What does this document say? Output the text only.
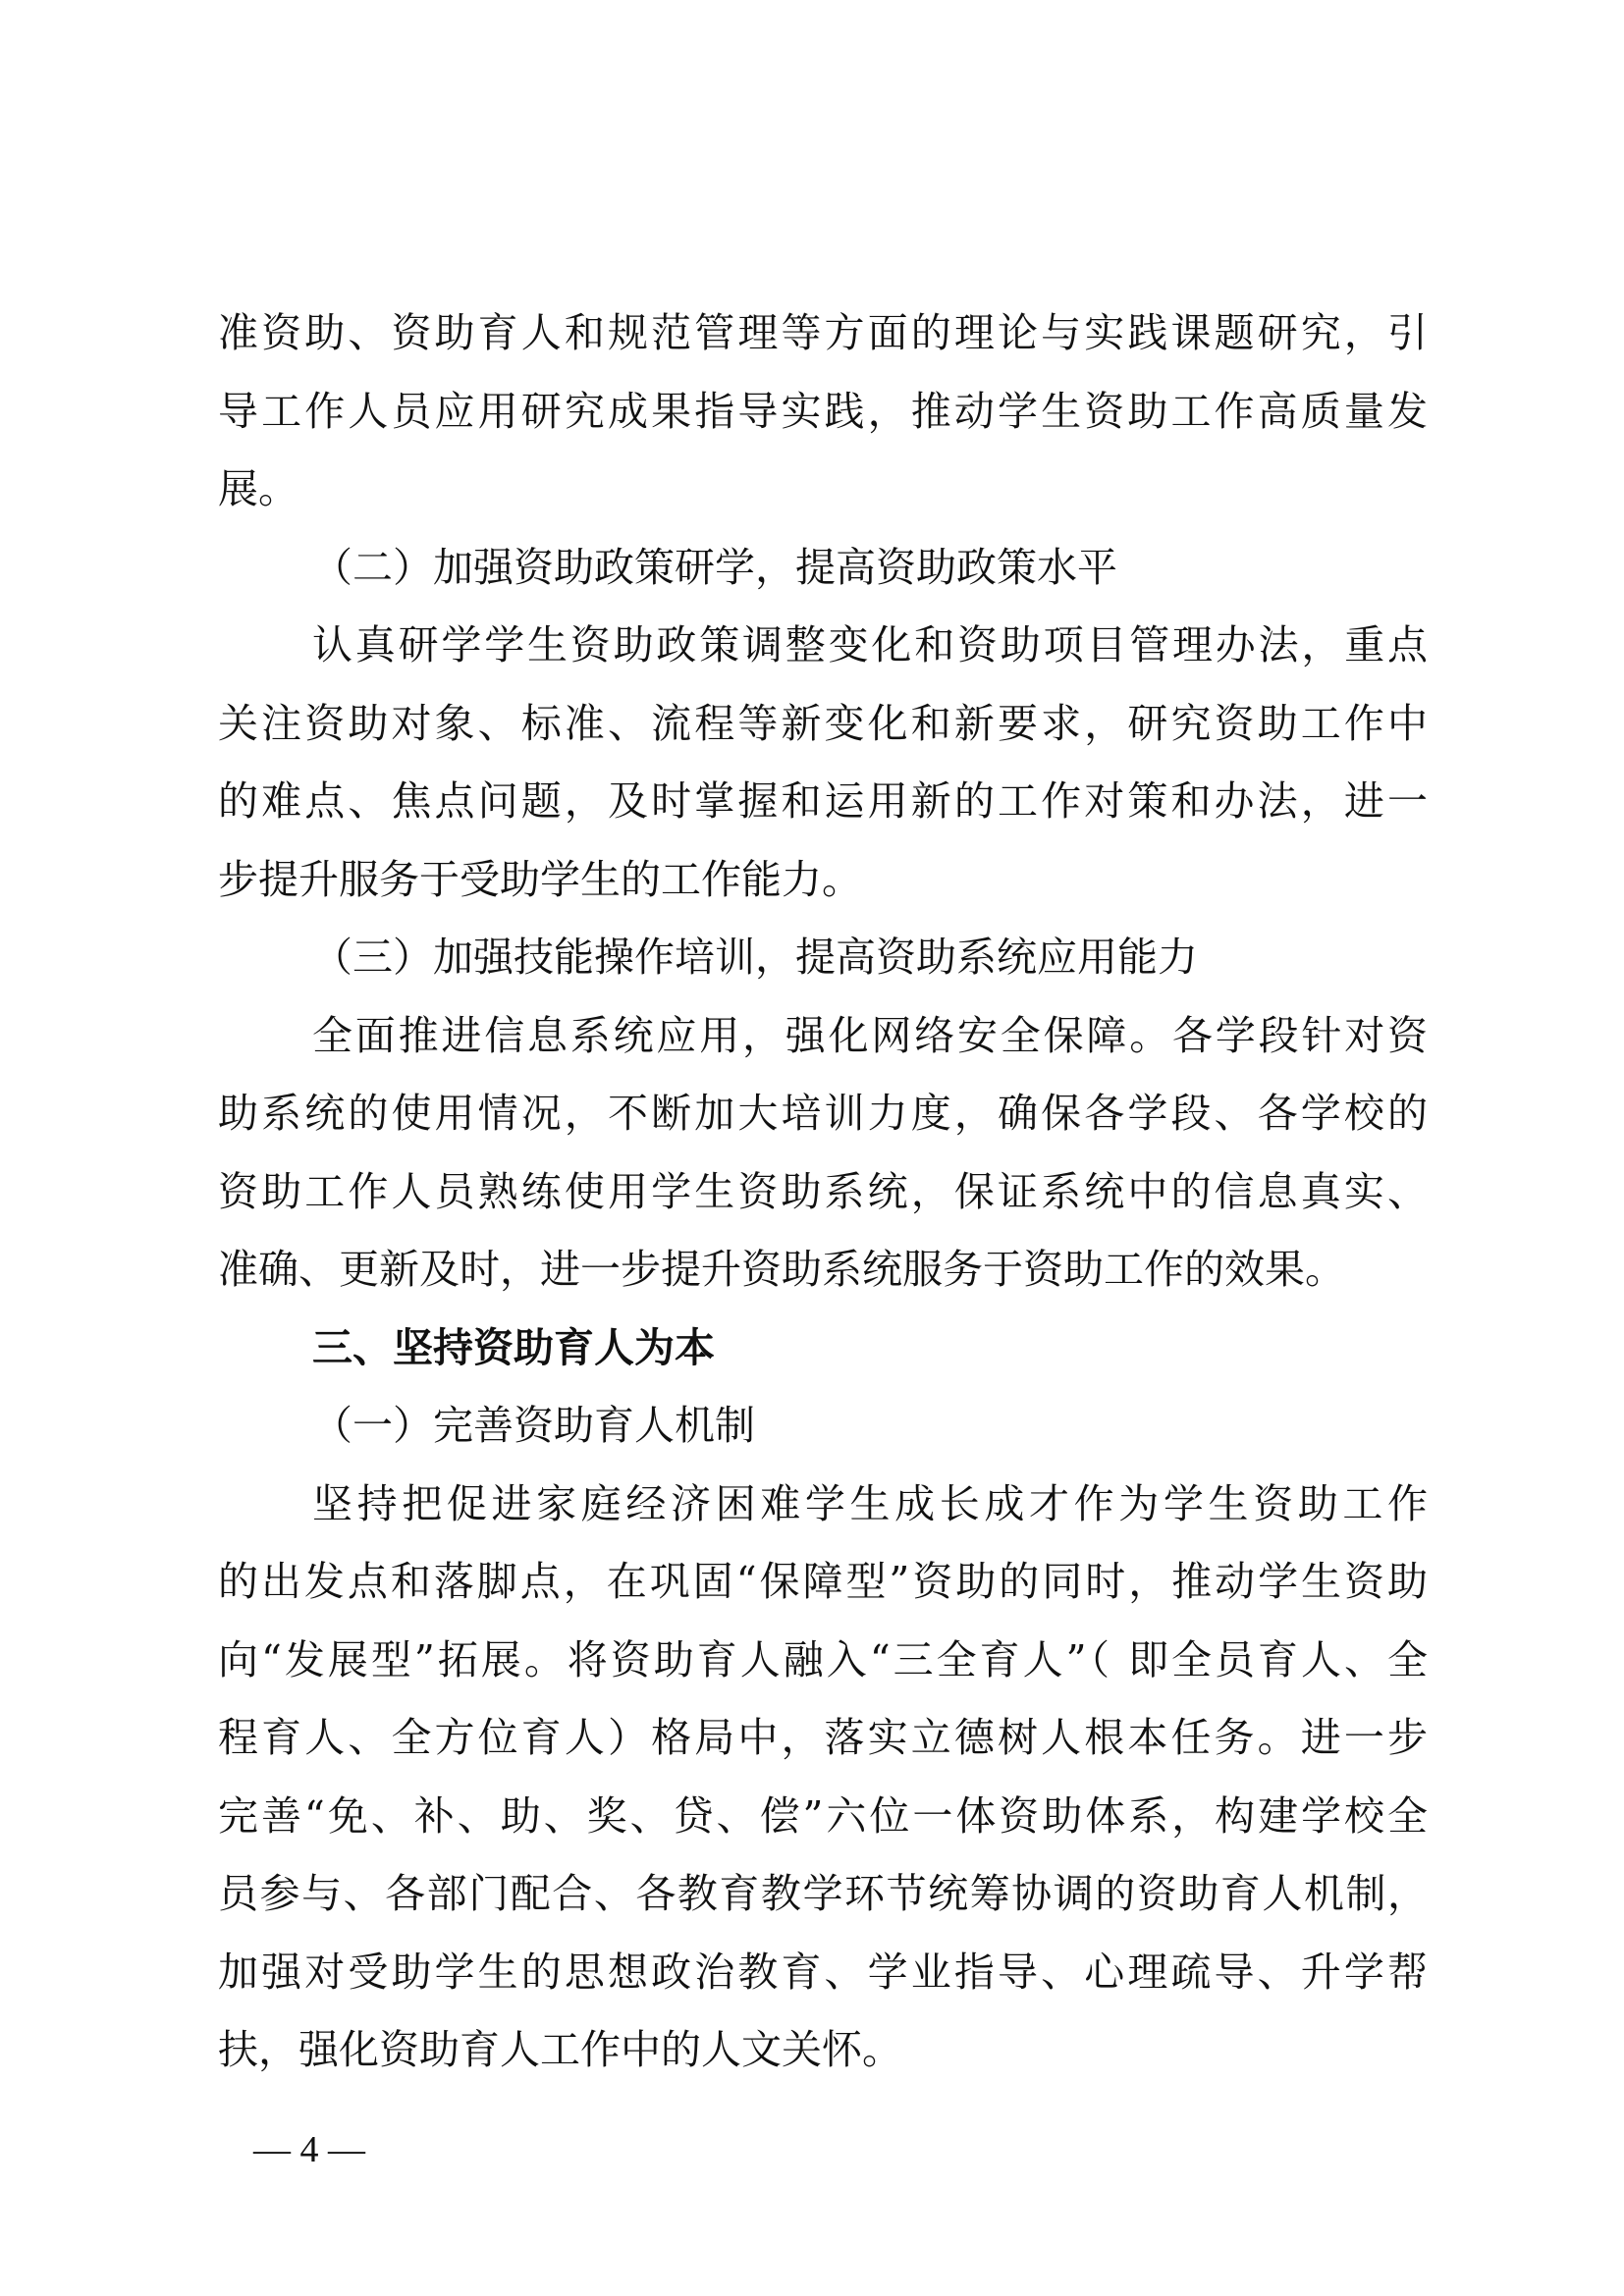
准资助、资助育人和规范管理等方面的理论与实践课题研究，引
导工作人员应用研究成果指导实践，推动学生资助工作高质量发
展。
（二）加强资助政策研学，提高资助政策水平
认真研学学生资助政策调整变化和资助项目管理办法，重点
关注资助对象、标准、流程等新变化和新要求，研究资助工作中
的难点、焦点问题，及时掌握和运用新的工作对策和办法，进一
步提升服务于受助学生的工作能力。
（三）加强技能操作培训，提高资助系统应用能力
全面推进信息系统应用，强化网络安全保障。各学段针对资
助系统的使用情况，不断加大培训力度，确保各学段、各学校的
资助工作人员熟练使用学生资助系统，保证系统中的信息真实、
准确、更新及时，进一步提升资助系统服务于资助工作的效果。
三、坚持资助育人为本
（一）完善资助育人机制
坚持把促进家庭经济困难学生成长成才作为学生资助工作
的出发点和落脚点，在巩固“保障型”资助的同时，推动学生资助
向“发展型”拓展。将资助育人融入“三全育人”（ 即全员育人、全
程育人、全方位育人）格局中，落实立德树人根本任务。进一步
完善“免、补、助、奖、贷、偿”六位一体资助体系，构建学校全
员参与、各部门配合、各教育教学环节统筹协调的资助育人机制，
加强对受助学生的思想政治教育、学业指导、心理疏导、升学帮
扶，强化资助育人工作中的人文关怀。
— 4 —
